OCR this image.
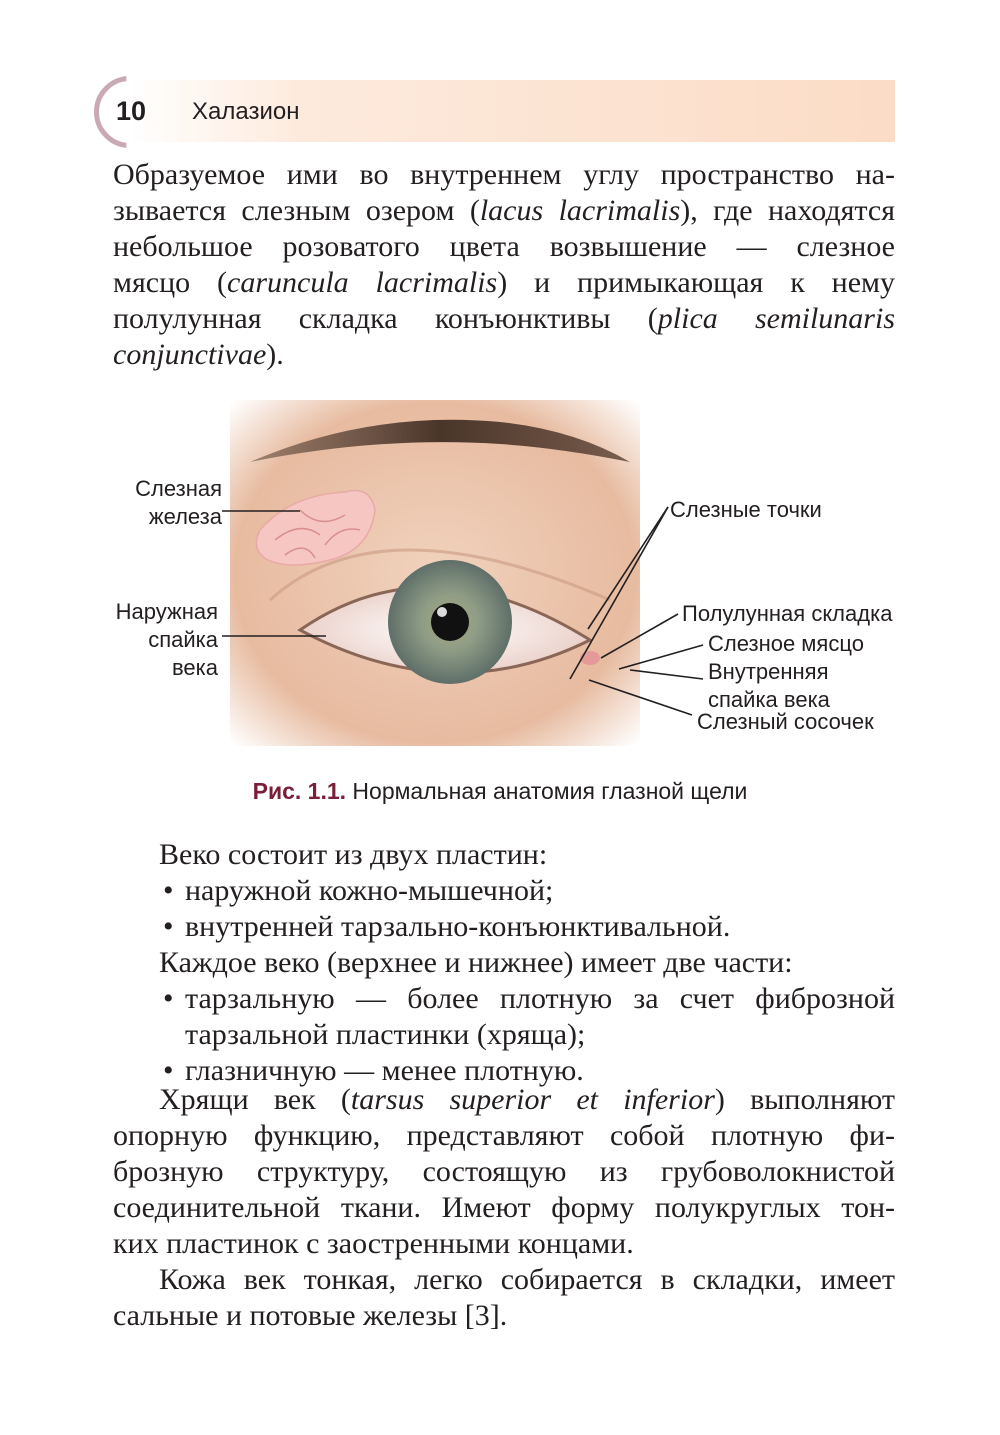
10 Халазион
Образуемое ими во внутреннем углу пространство на-
зывается слезным озером (lacus lacrimalis), где находятся
небольшое розоватого цвета возвышение — слезное
мясцо (caruncula lacrimalis) и примыкающая к нему
полулунная складка конъюнктивы (plica semilunaris
conjunctivae).
Слезная
железа
Наружная
спайка
века
Слезные точки
Полулунная складка
Слезное мясцо
Внутренняя
спайка века
Слезный сосочек
Рис. 1.1. Нормальная анатомия глазной щели
Веко состоит из двух пластин:
• наружной кожно-мышечной;
• внутренней тарзально-конъюнктивальной.
Каждое веко (верхнее и нижнее) имеет две части:
• тарзальную — более плотную за счет фиброзной
тарзальной пластинки (хряща);
• глазничную — менее плотную.
Хрящи век (tarsus superior et inferior) выполняют
опорную функцию, представляют собой плотную фи-
брозную структуру, состоящую из грубоволокнистой
соединительной ткани. Имеют форму полукруглых тон-
ких пластинок с заостренными концами.
Кожа век тонкая, легко собирается в складки, имеет
сальные и потовые железы [3].
